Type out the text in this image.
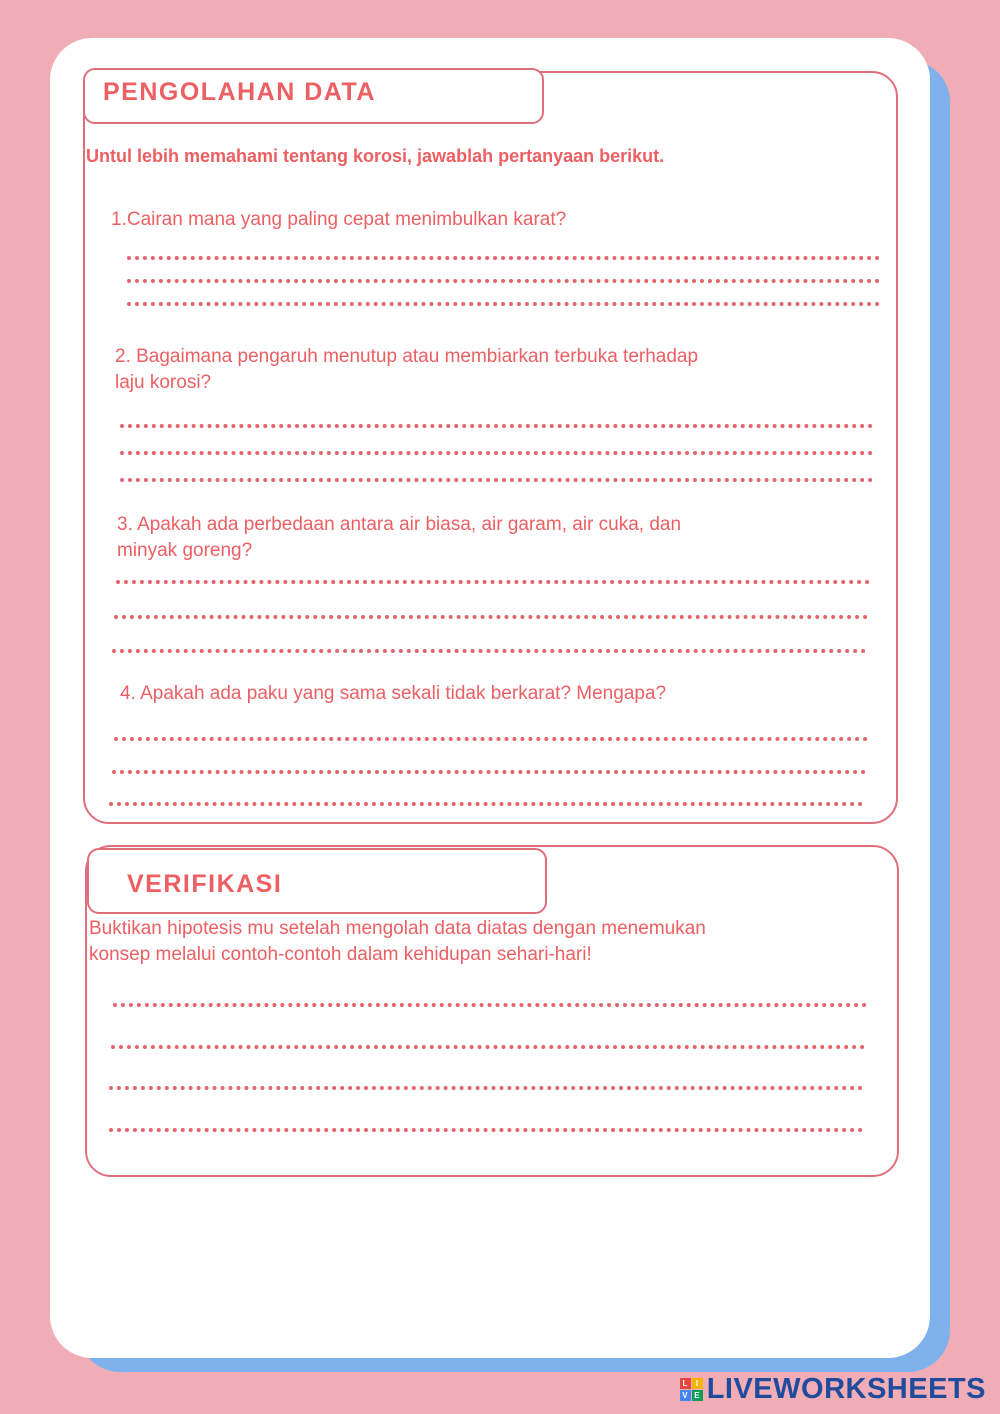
PENGOLAHAN DATA
Untul lebih memahami tentang korosi, jawablah pertanyaan berikut.
1.Cairan mana yang paling cepat menimbulkan karat?
2. Bagaimana pengaruh menutup atau membiarkan terbuka terhadap
laju korosi?
3. Apakah ada perbedaan antara air biasa, air garam, air cuka, dan
minyak goreng?
4. Apakah ada paku yang sama sekali tidak berkarat? Mengapa?
VERIFIKASI
Buktikan hipotesis mu setelah mengolah data diatas dengan menemukan
konsep melalui contoh-contoh dalam kehidupan sehari-hari!
L I
V E LIVEWORKSHEETS
